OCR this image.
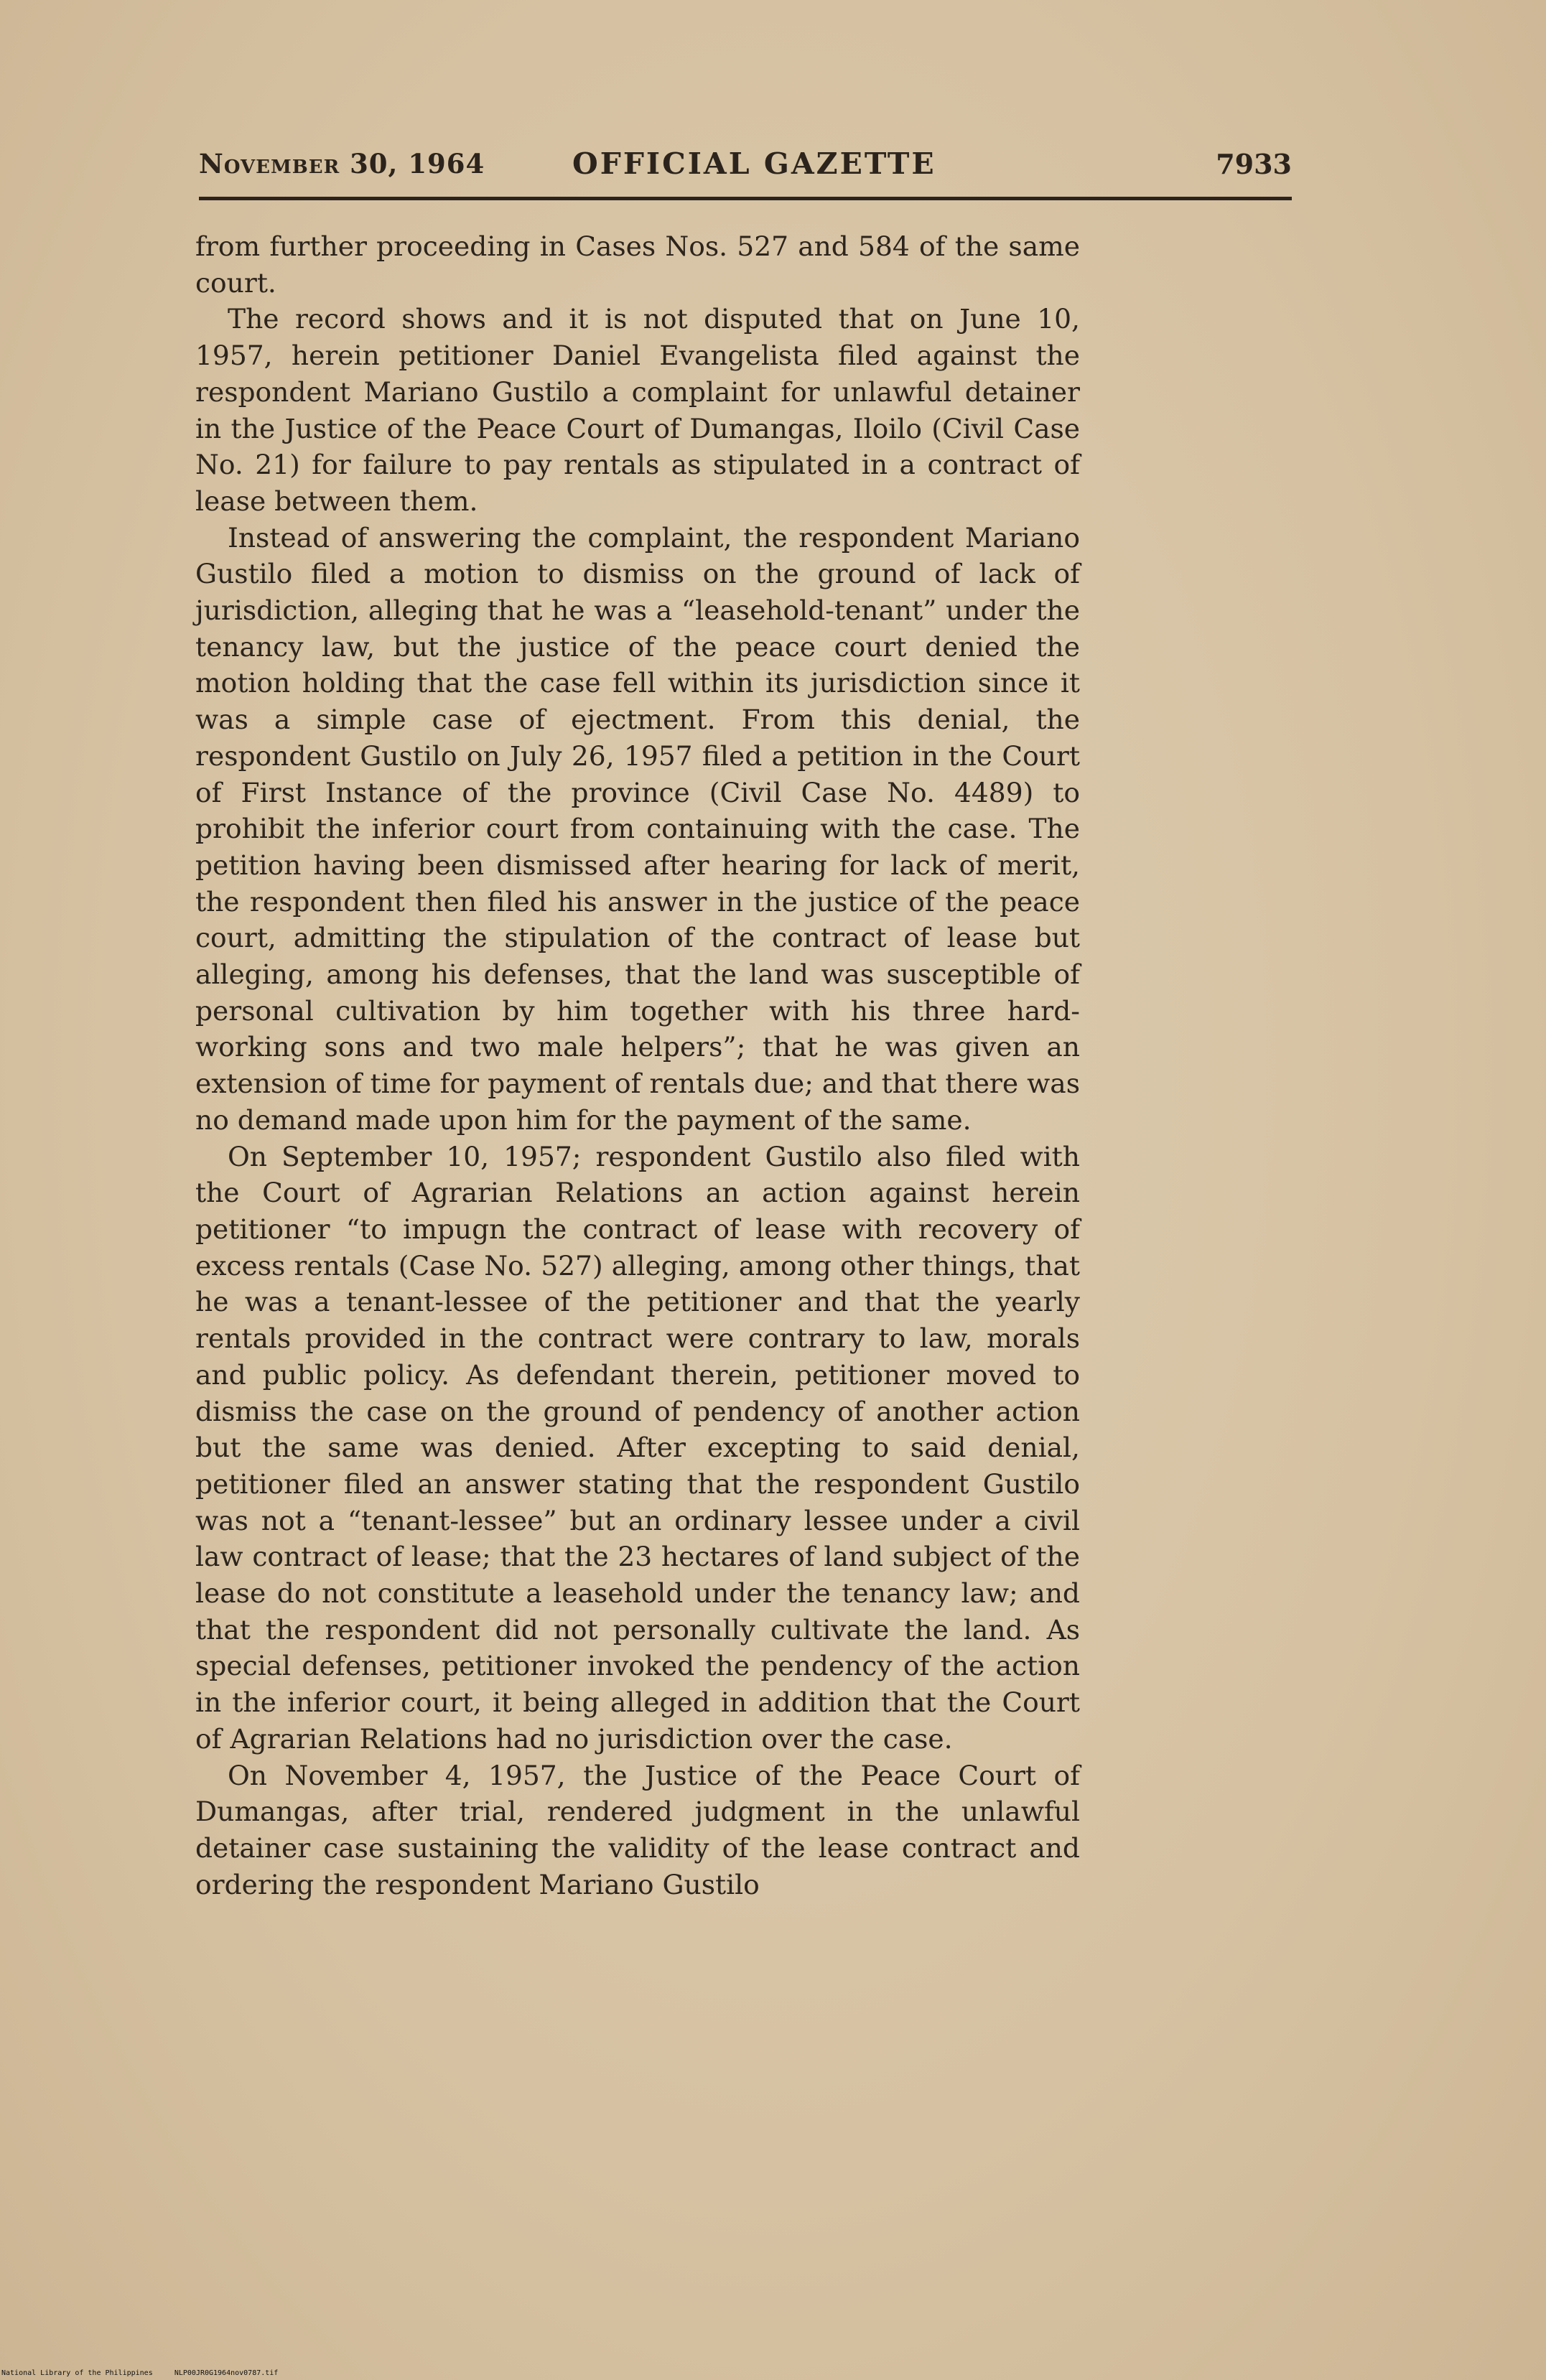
November 30, 1964	OFFICIAL GAZETTE	7933

from further proceeding in Cases Nos. 527 and 584 of the same court.

The record shows and it is not disputed that on June 10, 1957, herein petitioner Daniel Evangelista filed against the respondent Mariano Gustilo a complaint for unlawful detainer in the Justice of the Peace Court of Dumangas, Iloilo (Civil Case No. 21) for failure to pay rentals as stipulated in a contract of lease between them.

Instead of answering the complaint, the respondent Mariano Gustilo filed a motion to dismiss on the ground of lack of jurisdiction, alleging that he was a “leasehold-tenant” under the tenancy law, but the justice of the peace court denied the motion holding that the case fell within its jurisdiction since it was a simple case of ejectment. From this denial, the respondent Gustilo on July 26, 1957 filed a petition in the Court of First Instance of the province (Civil Case No. 4489) to prohibit the inferior court from containuing with the case. The petition having been dismissed after hearing for lack of merit, the respondent then filed his answer in the justice of the peace court, admitting the stipulation of the contract of lease but alleging, among his defenses, that the land was susceptible of personal cultivation by him together with his three hard-working sons and two male helpers”; that he was given an extension of time for payment of rentals due; and that there was no demand made upon him for the payment of the same.

On September 10, 1957; respondent Gustilo also filed with the Court of Agrarian Relations an action against herein petitioner “to impugn the contract of lease with recovery of excess rentals (Case No. 527) alleging, among other things, that he was a tenant-lessee of the petitioner and that the yearly rentals provided in the contract were contrary to law, morals and public policy. As defendant therein, petitioner moved to dismiss the case on the ground of pendency of another action but the same was denied. After excepting to said denial, petitioner filed an answer stating that the respondent Gustilo was not a “tenant-lessee” but an ordinary lessee under a civil law contract of lease; that the 23 hectares of land subject of the lease do not constitute a leasehold under the tenancy law; and that the respondent did not personally cultivate the land. As special defenses, petitioner invoked the pendency of the action in the inferior court, it being alleged in addition that the Court of Agrarian Relations had no jurisdiction over the case.

On November 4, 1957, the Justice of the Peace Court of Dumangas, after trial, rendered judgment in the unlawful detainer case sustaining the validity of the lease contract and ordering the respondent Mariano Gustilo

National Library of the Philippines	NLP00JR0G1964nov0787.tif
